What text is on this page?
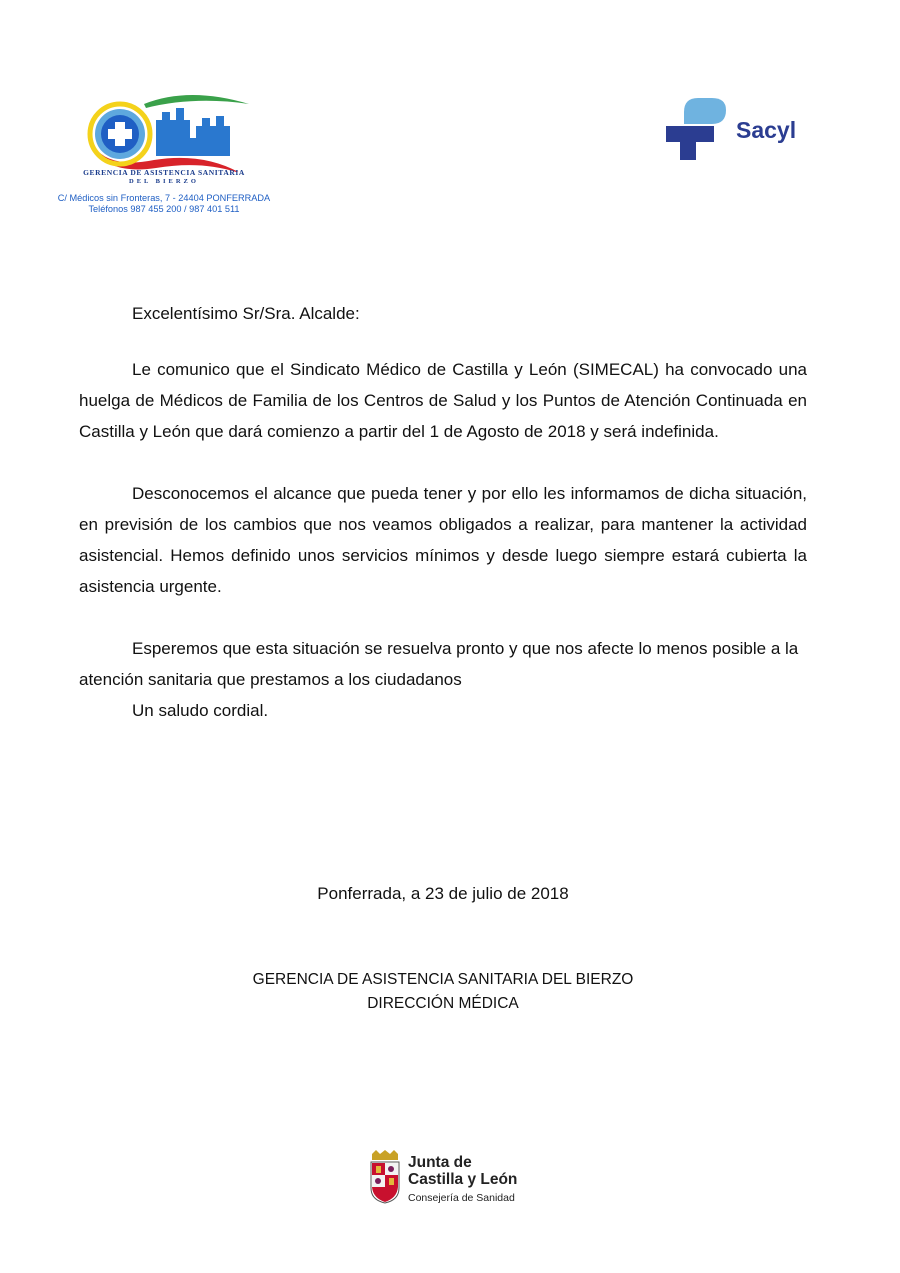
GERENCIA DE ASISTENCIA SANITARIA
DEL BIERZO
C/ Médicos sin Fronteras, 7 - 24404 PONFERRADA
Teléfonos 987 455 200 / 987 401 511
Sacyl

Excelentísimo Sr/Sra. Alcalde:

Le comunico que el Sindicato Médico de Castilla y León (SIMECAL) ha convocado una huelga de Médicos de Familia de los Centros de Salud y los Puntos de Atención Continuada en Castilla y León que dará comienzo a partir del 1 de Agosto de 2018 y será indefinida.

Desconocemos el alcance que pueda tener y por ello les informamos de dicha situación, en previsión de los cambios que nos veamos obligados a realizar, para mantener la actividad asistencial. Hemos definido unos servicios mínimos y desde luego siempre estará cubierta la asistencia urgente.

Esperemos que esta situación se resuelva pronto y que nos afecte lo menos posible a la atención sanitaria que prestamos a los ciudadanos

Un saludo cordial.

Ponferrada, a 23 de julio de 2018
GERENCIA DE ASISTENCIA SANITARIA DEL BIERZO
DIRECCIÓN MÉDICA
Junta de
Castilla y León
Consejería de Sanidad
